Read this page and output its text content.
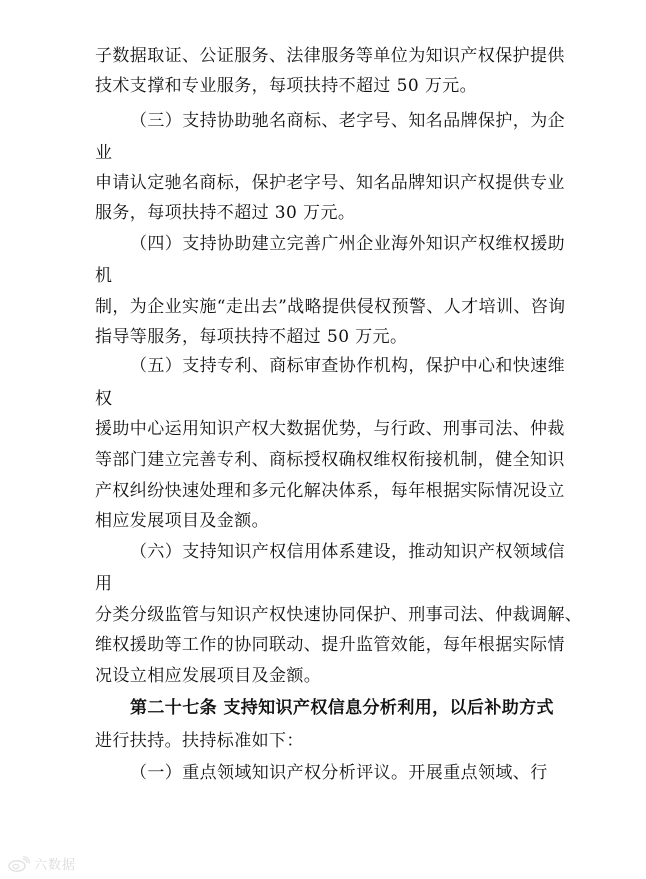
子数据取证、公证服务、法律服务等单位为知识产权保护提供
技术支撑和专业服务，每项扶持不超过 50 万元。
（三）支持协助驰名商标、老字号、知名品牌保护，为企
业
申请认定驰名商标，保护老字号、知名品牌知识产权提供专业
服务，每项扶持不超过 30 万元。
（四）支持协助建立完善广州企业海外知识产权维权援助
机
制，为企业实施“走出去”战略提供侵权预警、人才培训、咨询
指导等服务，每项扶持不超过 50 万元。
（五）支持专利、商标审查协作机构，保护中心和快速维
权
援助中心运用知识产权大数据优势，与行政、刑事司法、仲裁
等部门建立完善专利、商标授权确权维权衔接机制，健全知识
产权纠纷快速处理和多元化解决体系，每年根据实际情况设立
相应发展项目及金额。
（六）支持知识产权信用体系建设，推动知识产权领域信
用
分类分级监管与知识产权快速协同保护、刑事司法、仲裁调解、
维权援助等工作的协同联动、提升监管效能，每年根据实际情
况设立相应发展项目及金额。
第二十七条 支持知识产权信息分析利用，以后补助方式
进行扶持。扶持标准如下：
（一）重点领域知识产权分析评议。开展重点领域、行
六数据
